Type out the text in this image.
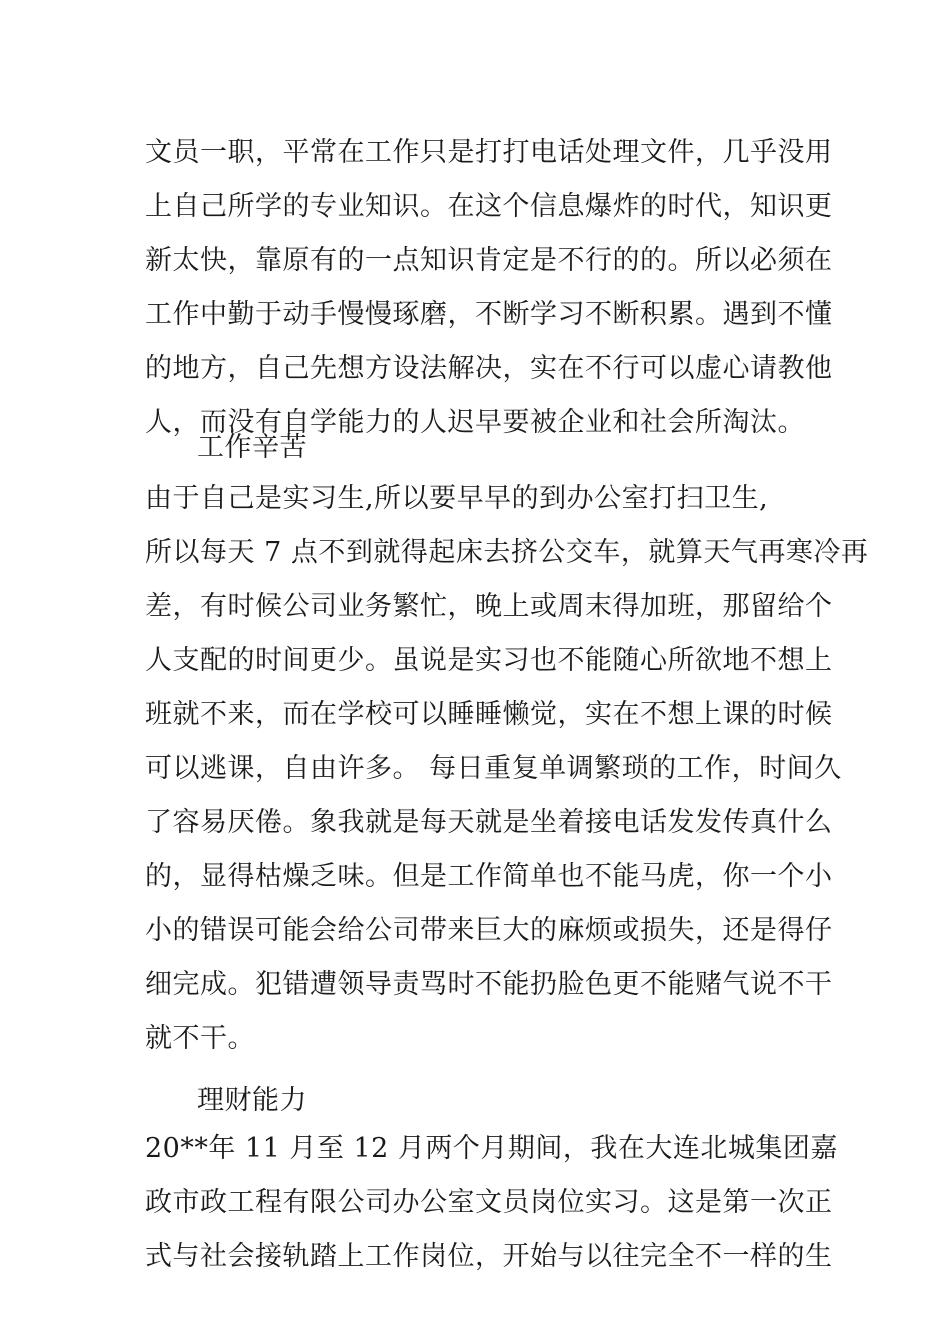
文员一职，平常在工作只是打打电话处理文件，几乎没用
上自己所学的专业知识。在这个信息爆炸的时代，知识更
新太快，靠原有的一点知识肯定是不行的的。所以必须在
工作中勤于动手慢慢琢磨，不断学习不断积累。遇到不懂
的地方，自己先想方设法解决，实在不行可以虚心请教他
人，而没有自学能力的人迟早要被企业和社会所淘汰。
工作辛苦
由于自己是实习生,所以要早早的到办公室打扫卫生,
所以每天 7 点不到就得起床去挤公交车，就算天气再寒冷再
差，有时候公司业务繁忙，晚上或周末得加班，那留给个
人支配的时间更少。虽说是实习也不能随心所欲地不想上
班就不来，而在学校可以睡睡懒觉，实在不想上课的时候
可以逃课，自由许多。 每日重复单调繁琐的工作，时间久
了容易厌倦。象我就是每天就是坐着接电话发发传真什么
的，显得枯燥乏味。但是工作简单也不能马虎，你一个小
小的错误可能会给公司带来巨大的麻烦或损失，还是得仔
细完成。犯错遭领导责骂时不能扔脸色更不能赌气说不干
就不干。
理财能力
20**年 11 月至 12 月两个月期间，我在大连北城集团嘉
政市政工程有限公司办公室文员岗位实习。这是第一次正
式与社会接轨踏上工作岗位，开始与以往完全不一样的生
